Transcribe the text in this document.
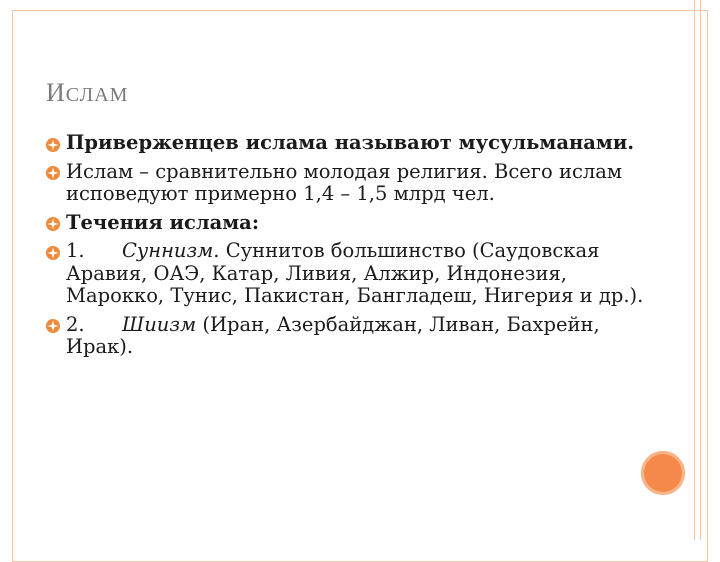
ИСЛАМ
Приверженцев ислама называют мусульманами.
Ислам – сравнительно молодая религия. Всего ислам исповедуют примерно 1,4 – 1,5 млрд чел.
Течения ислама:
1. Суннизм. Суннитов большинство (Саудовская Аравия, ОАЭ, Катар, Ливия, Алжир, Индонезия, Марокко, Тунис, Пакистан, Бангладеш, Нигерия и др.).
2. Шиизм (Иран, Азербайджан, Ливан, Бахрейн, Ирак).
